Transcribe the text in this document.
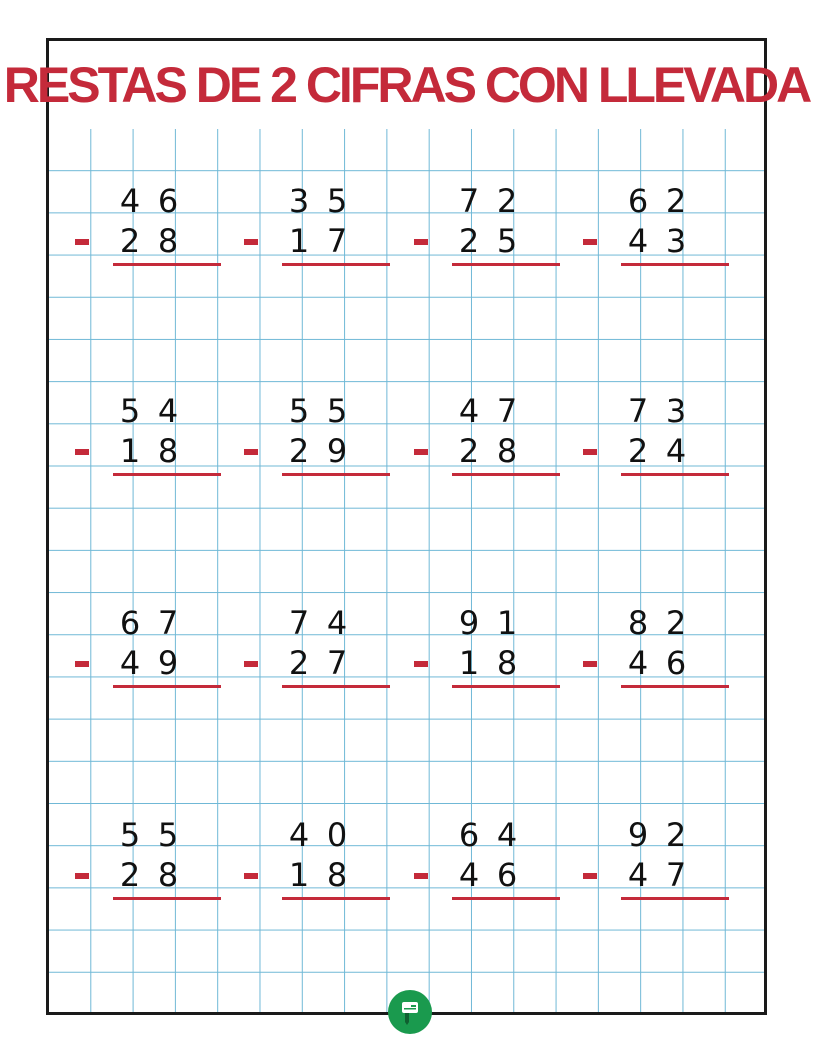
RESTAS DE 2 CIFRAS CON LLEVADA
4 6
2 8
3 5
1 7
7 2
2 5
6 2
4 3
5 4
1 8
5 5
2 9
4 7
2 8
7 3
2 4
6 7
4 9
7 4
2 7
9 1
1 8
8 2
4 6
5 5
2 8
4 0
1 8
6 4
4 6
9 2
4 7
